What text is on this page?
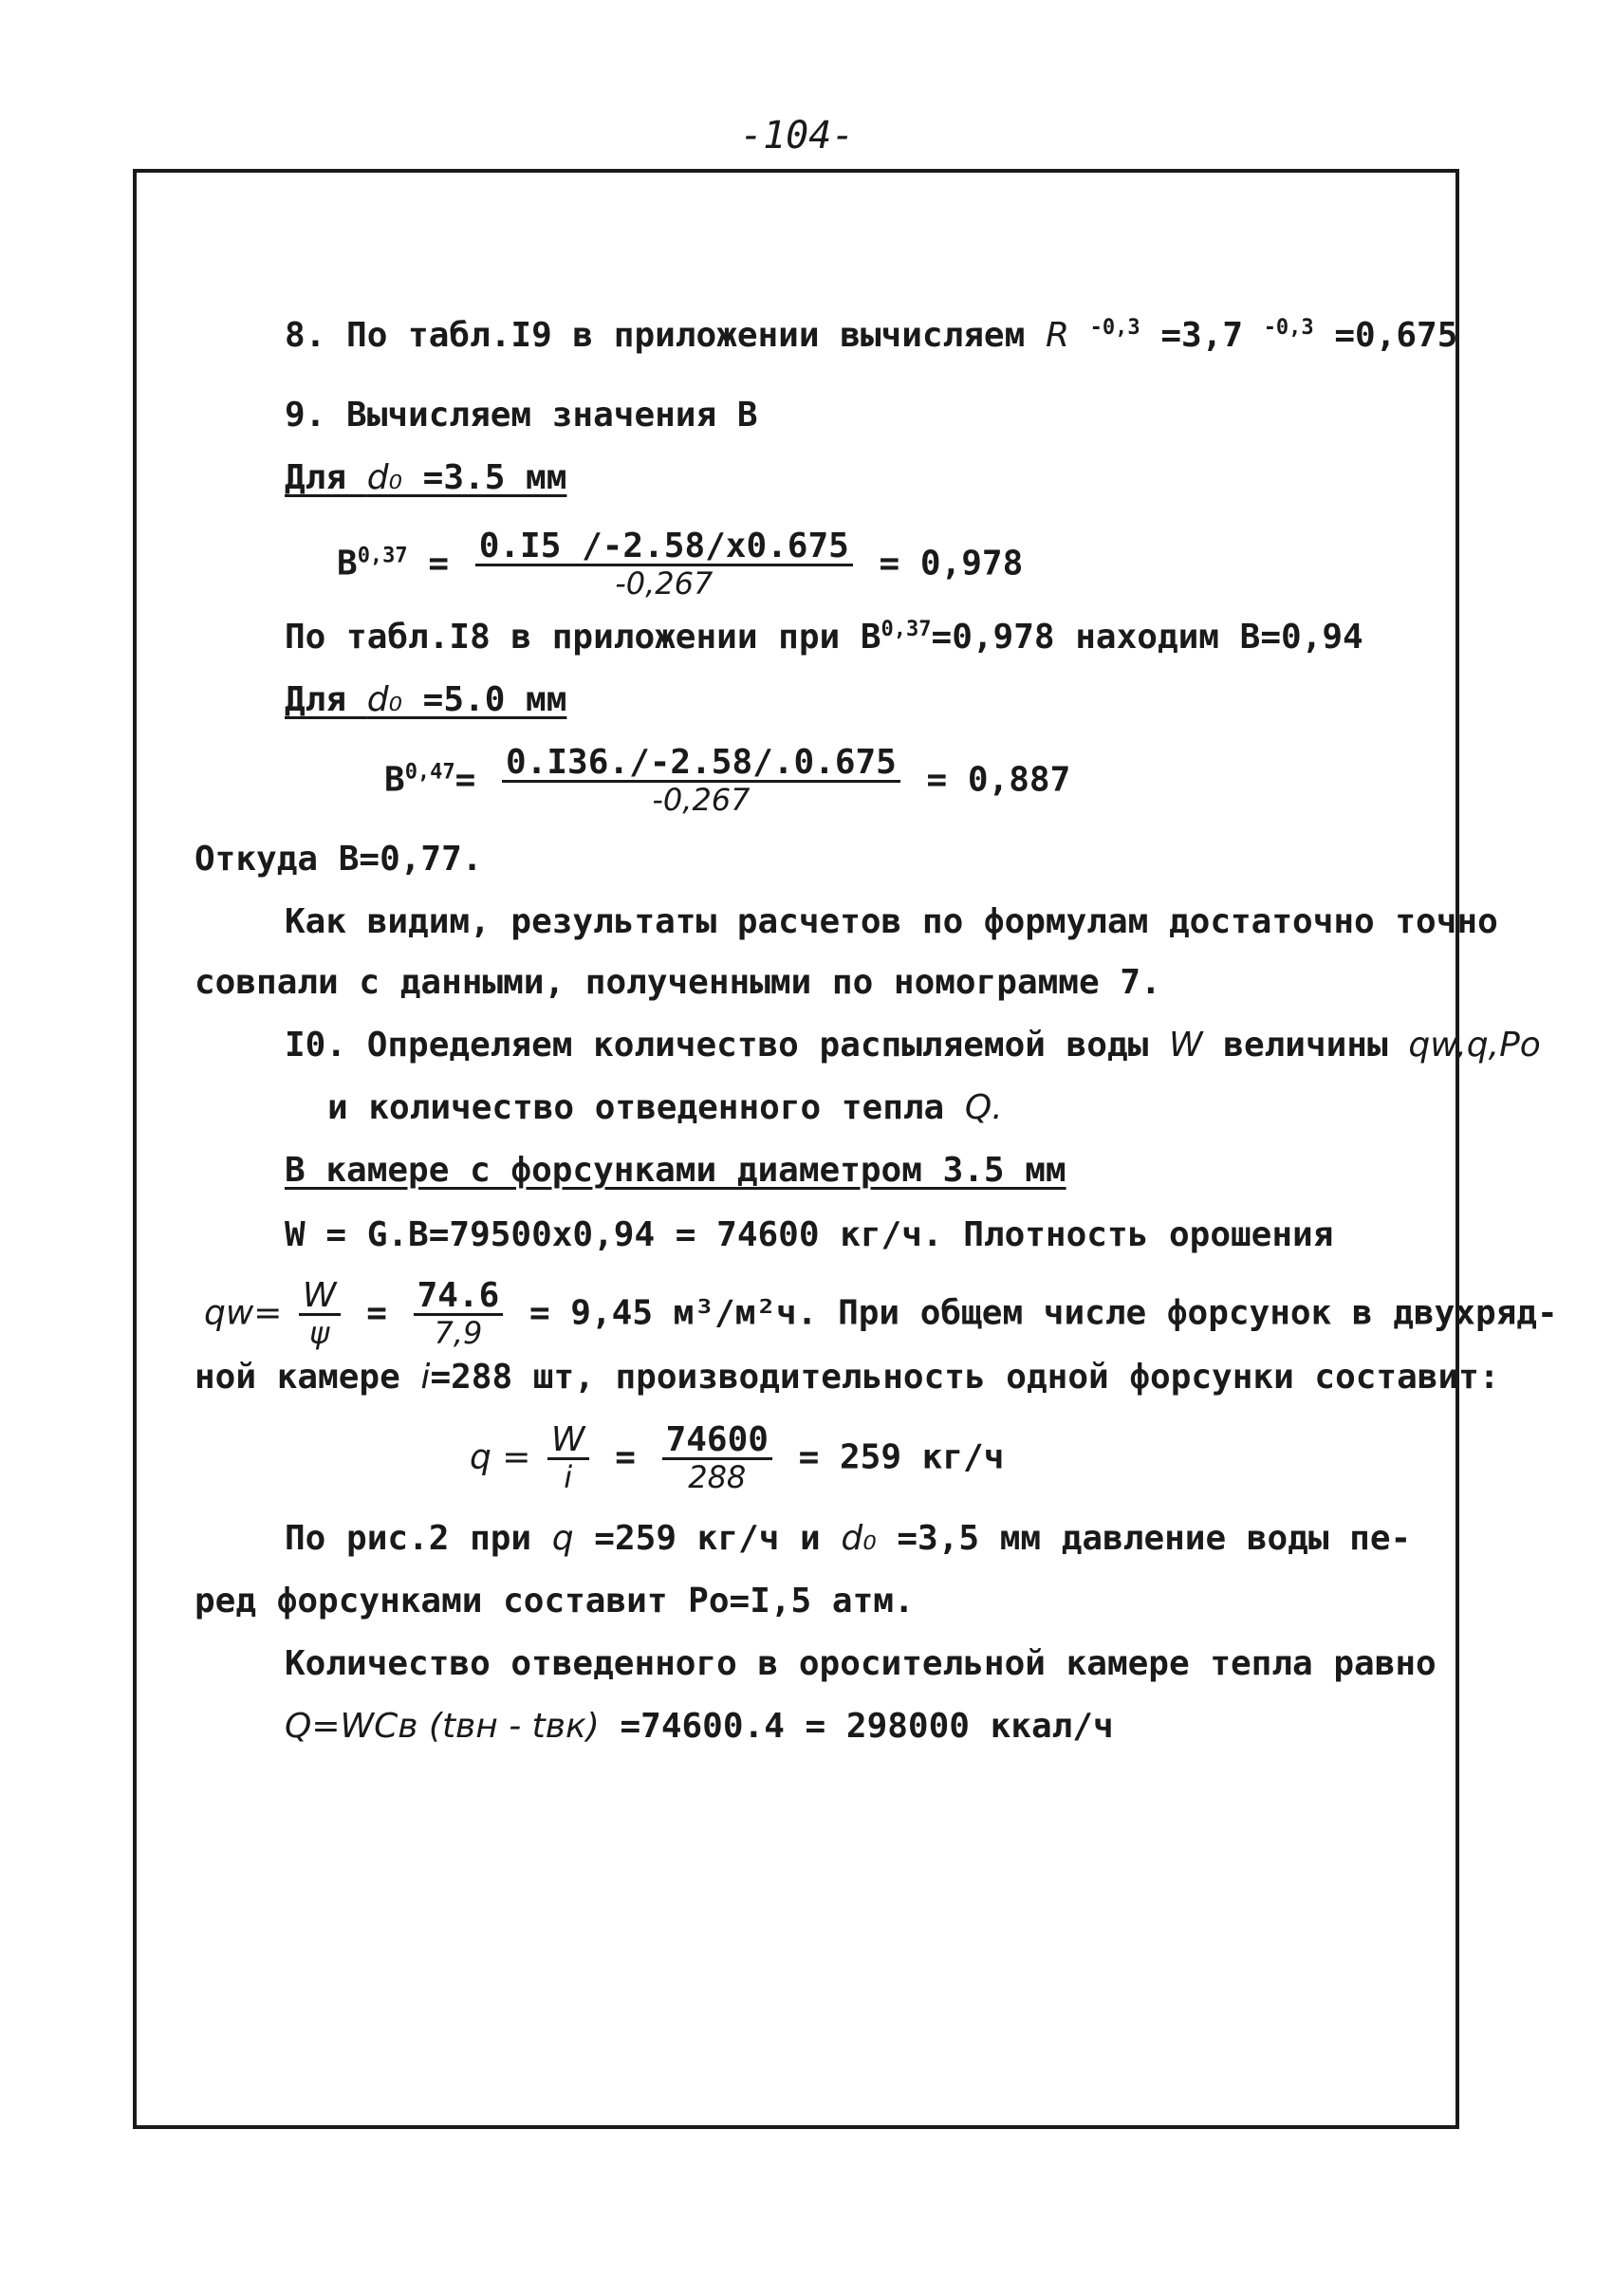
-104-
8. По табл.I9 в приложении вычисляем R $^{-0,3}$ =3,7 $^{-0,3}$ =0,675
9. Вычисляем значения В
Для d₀ =3.5 мм
$B^{0,37} = \frac{0.I5 /-2.58/x0.675}{-0,267} = 0,978$
По табл.I8 в приложении при В$^{0,37}$=0,978 находим В=0,94
Для d₀ =5.0 мм
$B^{0,47}= \frac{0.I36./-2.58/.0.675}{-0,267} = 0,887$
Откуда В=0,77.
Как видим, результаты расчетов по формулам достаточно точно
совпали с данными, полученными по номограмме 7.
I0. Определяем количество распыляемой воды W величины qw,q,Po
и количество отведенного тепла Q.
В камере с форсунками диаметром 3.5 мм
W = G.B=79500x0,94 = 74600 кг/ч. Плотность орошения
$qw= \frac{W}{\psi} = \frac{74.6}{7,9} = 9,45$ м³/м²ч. При общем числе форсунок в двухряд-
ной камере i=288 шт, производительность одной форсунки составит:
$q = \frac{W}{i} = \frac{74600}{288} = 259$ кг/ч
По рис.2 при q =259 кг/ч и d₀ =3,5 мм давление воды пе-
ред форсунками составит Ро=I,5 атм.
Количество отведенного в оросительной камере тепла равно
Q=WCв (tвн - tвк) =74600.4 = 298000 ккал/ч
